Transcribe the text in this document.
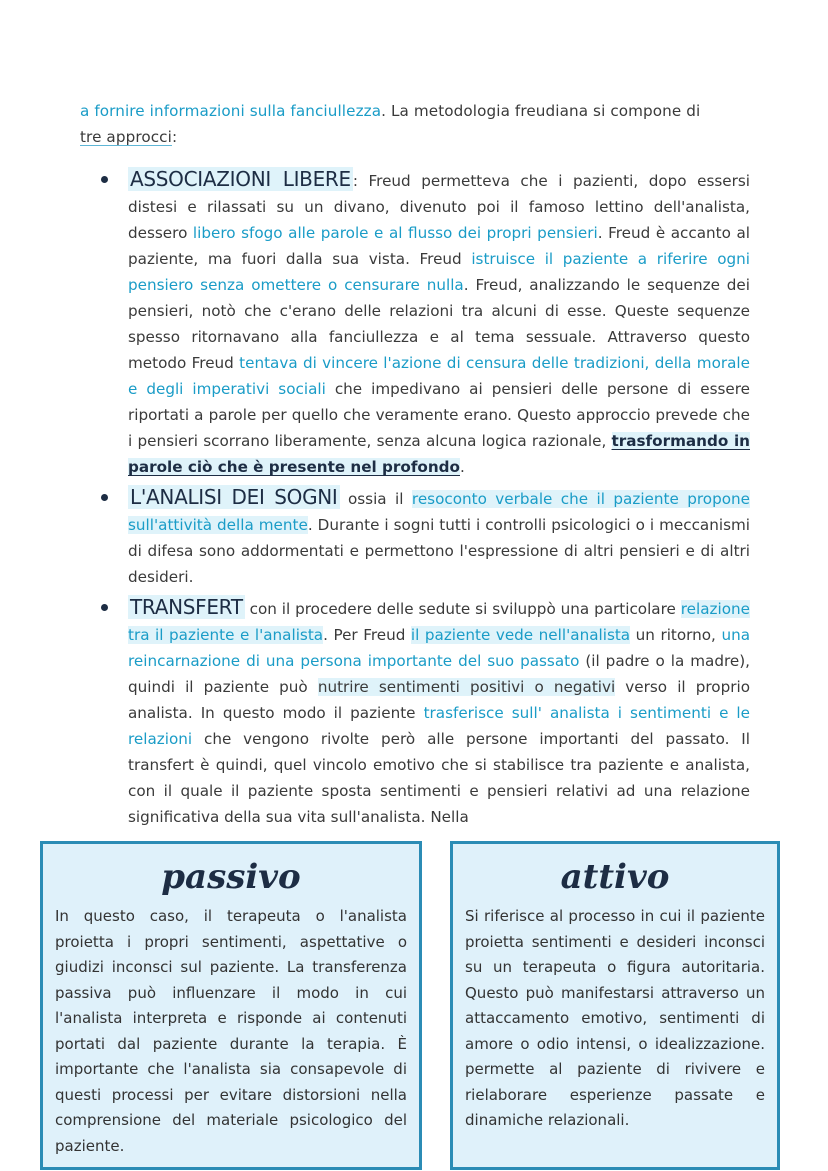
a fornire informazioni sulla fanciullezza. La metodologia freudiana si compone di
tre approcci:
ASSOCIAZIONI LIBERE : Freud permetteva che i pazienti, dopo essersi distesi e rilassati su un divano, divenuto poi il famoso lettino dell'analista, dessero libero sfogo alle parole e al flusso dei propri pensieri. Freud è accanto al paziente, ma fuori dalla sua vista. Freud istruisce il paziente a riferire ogni pensiero senza omettere o censurare nulla. Freud, analizzando le sequenze dei pensieri, notò che c'erano delle relazioni tra alcuni di esse. Queste sequenze spesso ritornavano alla fanciullezza e al tema sessuale. Attraverso questo metodo Freud tentava di vincere l'azione di censura delle tradizioni, della morale e degli imperativi sociali che impedivano ai pensieri delle persone di essere riportati a parole per quello che veramente erano. Questo approccio prevede che i pensieri scorrano liberamente, senza alcuna logica razionale, trasformando in parole ciò che è presente nel profondo.
L'ANALISI DEI SOGNI ossia il resoconto verbale che il paziente propone sull'attività della mente. Durante i sogni tutti i controlli psicologici o i meccanismi di difesa sono addormentati e permettono l'espressione di altri pensieri e di altri desideri.
TRANSFERT con il procedere delle sedute si sviluppò una particolare relazione tra il paziente e l'analista. Per Freud il paziente vede nell'analista un ritorno, una reincarnazione di una persona importante del suo passato (il padre o la madre), quindi il paziente può nutrire sentimenti positivi o negativi verso il proprio analista. In questo modo il paziente trasferisce sull' analista i sentimenti e le relazioni che vengono rivolte però alle persone importanti del passato. Il transfert è quindi, quel vincolo emotivo che si stabilisce tra paziente e analista, con il quale il paziente sposta sentimenti e pensieri relativi ad una relazione significativa della sua vita sull'analista. Nella
passivo
In questo caso, il terapeuta o l'analista proietta i propri sentimenti, aspettative o giudizi inconsci sul paziente. La transferenza passiva può influenzare il modo in cui l'analista interpreta e risponde ai contenuti portati dal paziente durante la terapia. È importante che l'analista sia consapevole di questi processi per evitare distorsioni nella comprensione del materiale psicologico del paziente.
attivo
Si riferisce al processo in cui il paziente proietta sentimenti e desideri inconsci su un terapeuta o figura autoritaria. Questo può manifestarsi attraverso un attaccamento emotivo, sentimenti di amore o odio intensi, o idealizzazione. permette al paziente di rivivere e rielaborare esperienze passate e dinamiche relazionali.
